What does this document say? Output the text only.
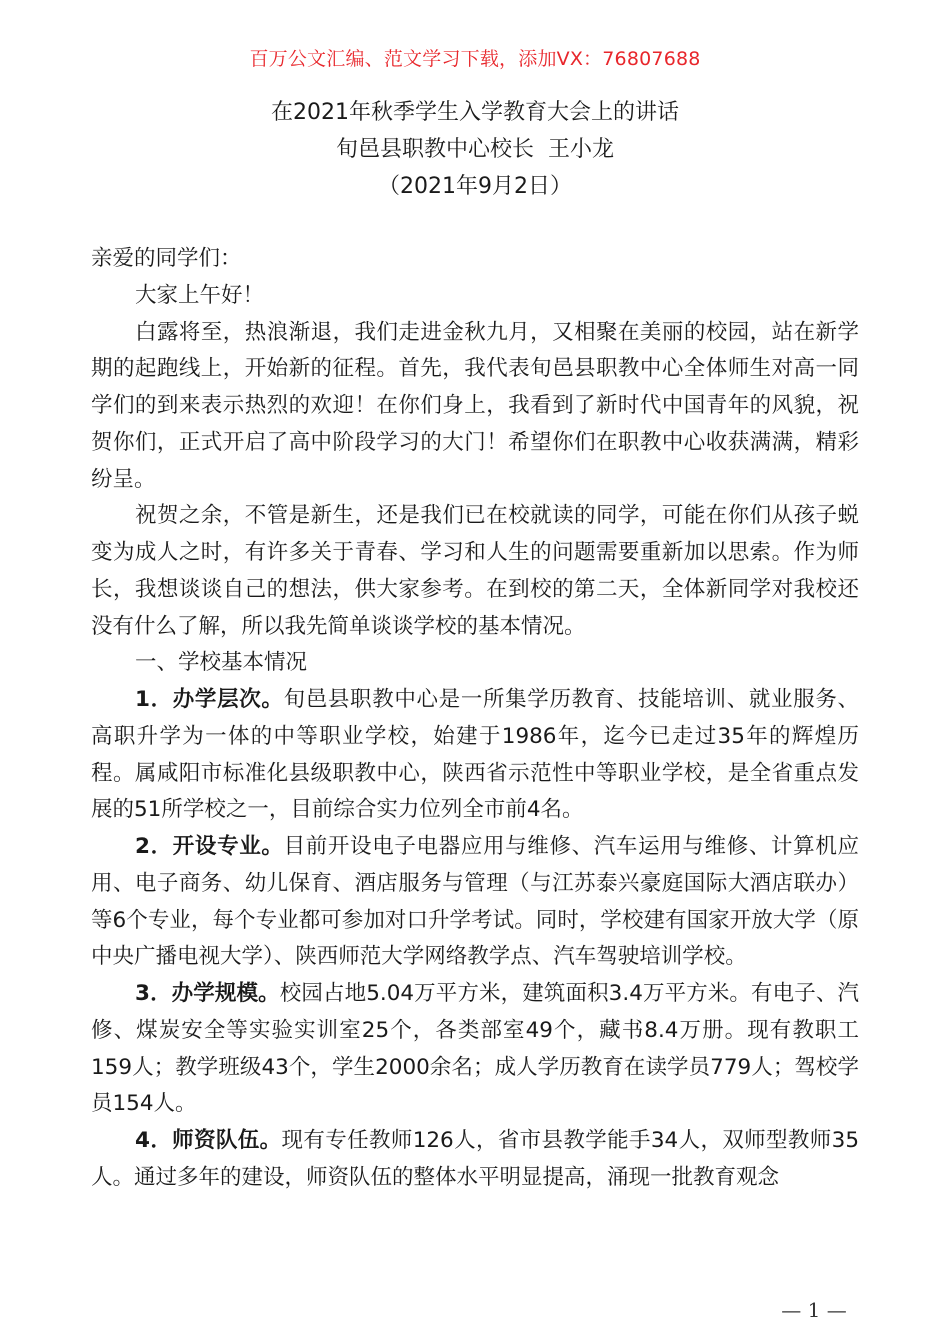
百万公文汇编、范文学习下载，添加VX：76807688
在2021年秋季学生入学教育大会上的讲话
旬邑县职教中心校长  王小龙
（2021年9月2日）

亲爱的同学们：

大家上午好！

白露将至，热浪渐退，我们走进金秋九月，又相聚在美丽的校园，站在新学期的起跑线上，开始新的征程。首先，我代表旬邑县职教中心全体师生对高一同学们的到来表示热烈的欢迎！在你们身上，我看到了新时代中国青年的风貌，祝贺你们，正式开启了高中阶段学习的大门！希望你们在职教中心收获满满，精彩纷呈。

祝贺之余，不管是新生，还是我们已在校就读的同学，可能在你们从孩子蜕变为成人之时，有许多关于青春、学习和人生的问题需要重新加以思索。作为师长，我想谈谈自己的想法，供大家参考。在到校的第二天，全体新同学对我校还没有什么了解，所以我先简单谈谈学校的基本情况。

一、学校基本情况

1．办学层次。旬邑县职教中心是一所集学历教育、技能培训、就业服务、高职升学为一体的中等职业学校，始建于1986年，迄今已走过35年的辉煌历程。属咸阳市标准化县级职教中心，陕西省示范性中等职业学校，是全省重点发展的51所学校之一，目前综合实力位列全市前4名。

2．开设专业。目前开设电子电器应用与维修、汽车运用与维修、计算机应用、电子商务、幼儿保育、酒店服务与管理（与江苏泰兴豪庭国际大酒店联办）等6个专业，每个专业都可参加对口升学考试。同时，学校建有国家开放大学（原中央广播电视大学）、陕西师范大学网络教学点、汽车驾驶培训学校。

3．办学规模。校园占地5.04万平方米，建筑面积3.4万平方米。有电子、汽修、煤炭安全等实验实训室25个，各类部室49个，藏书8.4万册。现有教职工159人；教学班级43个，学生2000余名；成人学历教育在读学员779人；驾校学员154人。

4．师资队伍。现有专任教师126人，省市县教学能手34人，双师型教师35人。通过多年的建设，师资队伍的整体水平明显提高，涌现一批教育观念

— 1 —
